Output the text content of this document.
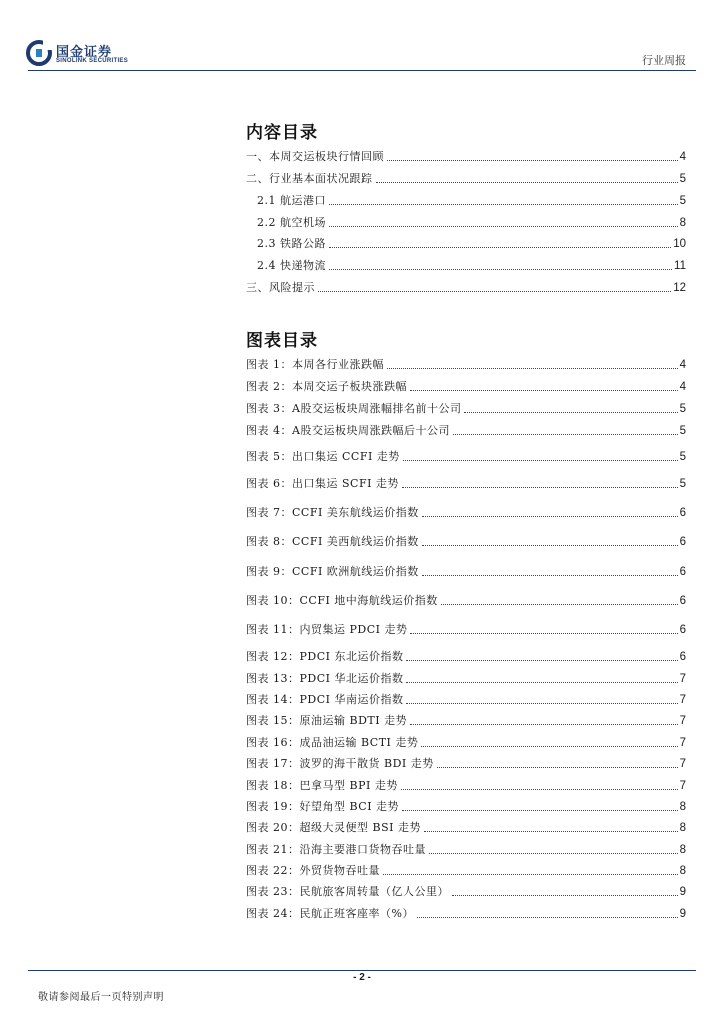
国金证券
SINOLINK SECURITIES	行业周报
内容目录
一、本周交运板块行情回顾	4
二、行业基本面状况跟踪	5
2.1 航运港口	5
2.2 航空机场	8
2.3 铁路公路	10
2.4 快递物流	11
三、风险提示	12
图表目录
图表 1：本周各行业涨跌幅	4
图表 2：本周交运子板块涨跌幅	4
图表 3：A股交运板块周涨幅排名前十公司	5
图表 4：A股交运板块周涨跌幅后十公司	5
图表 5：出口集运 CCFI 走势	5
图表 6：出口集运 SCFI 走势	5
图表 7：CCFI 美东航线运价指数	6
图表 8：CCFI 美西航线运价指数	6
图表 9：CCFI 欧洲航线运价指数	6
图表 10：CCFI 地中海航线运价指数	6
图表 11：内贸集运 PDCI 走势	6
图表 12：PDCI 东北运价指数	6
图表 13：PDCI 华北运价指数	7
图表 14：PDCI 华南运价指数	7
图表 15：原油运输 BDTI 走势	7
图表 16：成品油运输 BCTI 走势	7
图表 17：波罗的海干散货 BDI 走势	7
图表 18：巴拿马型 BPI 走势	7
图表 19：好望角型 BCI 走势	8
图表 20：超级大灵便型 BSI 走势	8
图表 21：沿海主要港口货物吞吐量	8
图表 22：外贸货物吞吐量	8
图表 23：民航旅客周转量（亿人公里）	9
图表 24：民航正班客座率（%）	9
- 2 -
敬请参阅最后一页特别声明
